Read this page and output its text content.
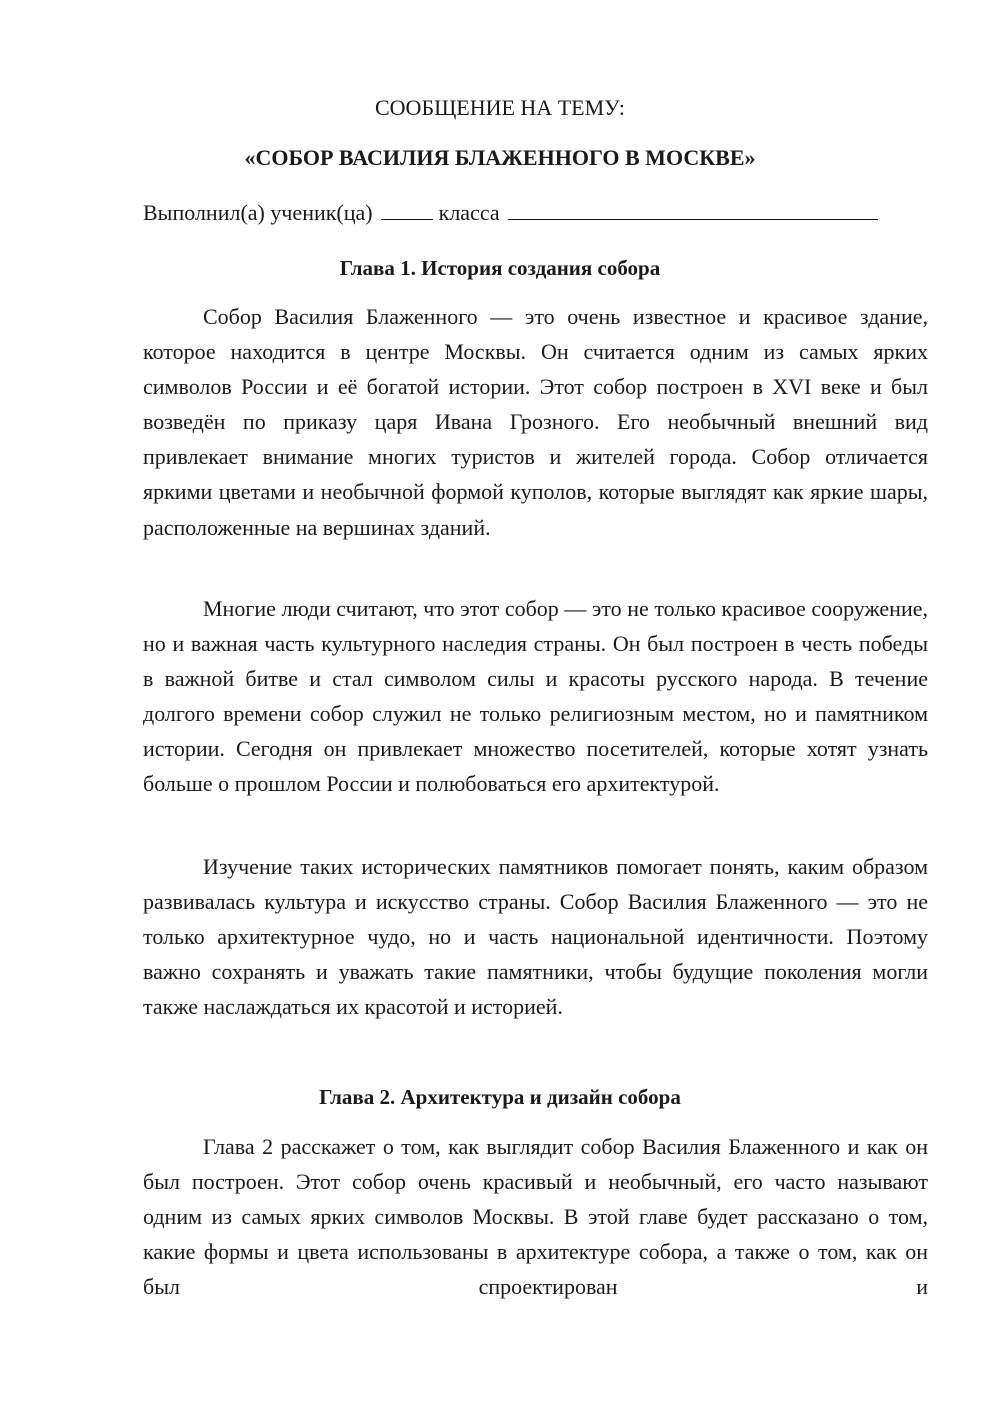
СООБЩЕНИЕ НА ТЕМУ:
«СОБОР ВАСИЛИЯ БЛАЖЕННОГО В МОСКВЕ»
Выполнил(а) ученик(ца)	класса
Глава 1. История создания собора

Собор Василия Блаженного — это очень известное и красивое здание, которое находится в центре Москвы. Он считается одним из самых ярких символов России и её богатой истории. Этот собор построен в XVI веке и был возведён по приказу царя Ивана Грозного. Его необычный внешний вид привлекает внимание многих туристов и жителей города. Собор отличается яркими цветами и необычной формой куполов, которые выглядят как яркие шары, расположенные на вершинах зданий.

Многие люди считают, что этот собор — это не только красивое сооружение, но и важная часть культурного наследия страны. Он был построен в честь победы в важной битве и стал символом силы и красоты русского народа. В течение долгого времени собор служил не только религиозным местом, но и памятником истории. Сегодня он привлекает множество посетителей, которые хотят узнать больше о прошлом России и полюбоваться его архитектурой.

Изучение таких исторических памятников помогает понять, каким образом развивалась культура и искусство страны. Собор Василия Блаженного — это не только архитектурное чудо, но и часть национальной идентичности. Поэтому важно сохранять и уважать такие памятники, чтобы будущие поколения могли также наслаждаться их красотой и историей.

Глава 2. Архитектура и дизайн собора

Глава 2 расскажет о том, как выглядит собор Василия Блаженного и как он был построен. Этот собор очень красивый и необычный, его часто называют одним из самых ярких символов Москвы. В этой главе будет рассказано о том, какие формы и цвета использованы в архитектуре собора, а также о том, как он был спроектирован и
